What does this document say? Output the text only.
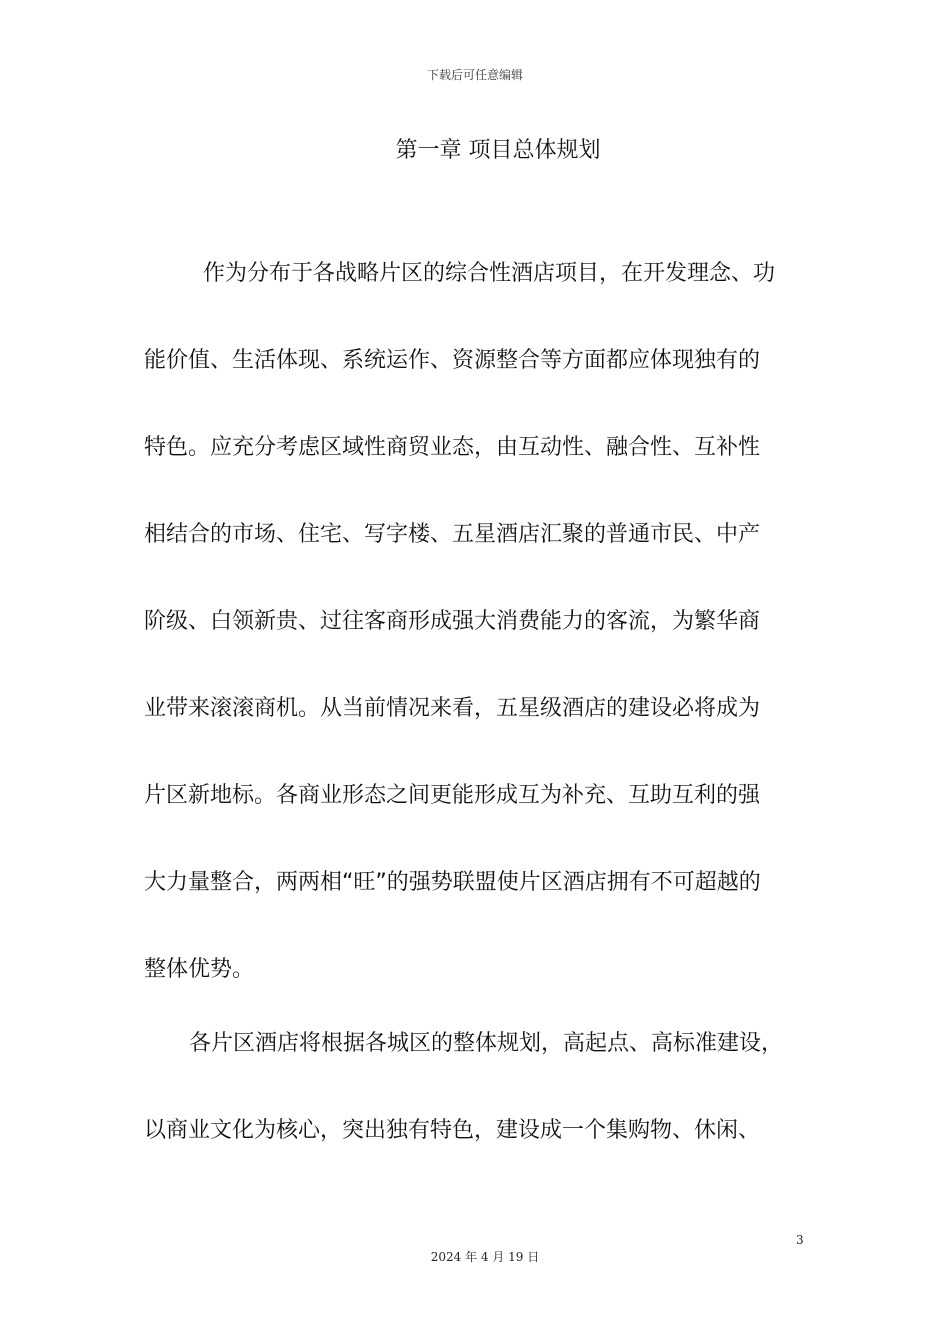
下载后可任意编辑
第一章 项目总体规划
作为分布于各战略片区的综合性酒店项目，在开发理念、功
能价值、生活体现、系统运作、资源整合等方面都应体现独有的
特色。应充分考虑区域性商贸业态，由互动性、融合性、互补性
相结合的市场、住宅、写字楼、五星酒店汇聚的普通市民、中产
阶级、白领新贵、过往客商形成强大消费能力的客流，为繁华商
业带来滚滚商机。从当前情况来看，五星级酒店的建设必将成为
片区新地标。各商业形态之间更能形成互为补充、互助互利的强
大力量整合，两两相“旺”的强势联盟使片区酒店拥有不可超越的
整体优势。
各片区酒店将根据各城区的整体规划，高起点、高标准建设，
以商业文化为核心，突出独有特色，建设成一个集购物、休闲、
3
2024 年 4 月 19 日
